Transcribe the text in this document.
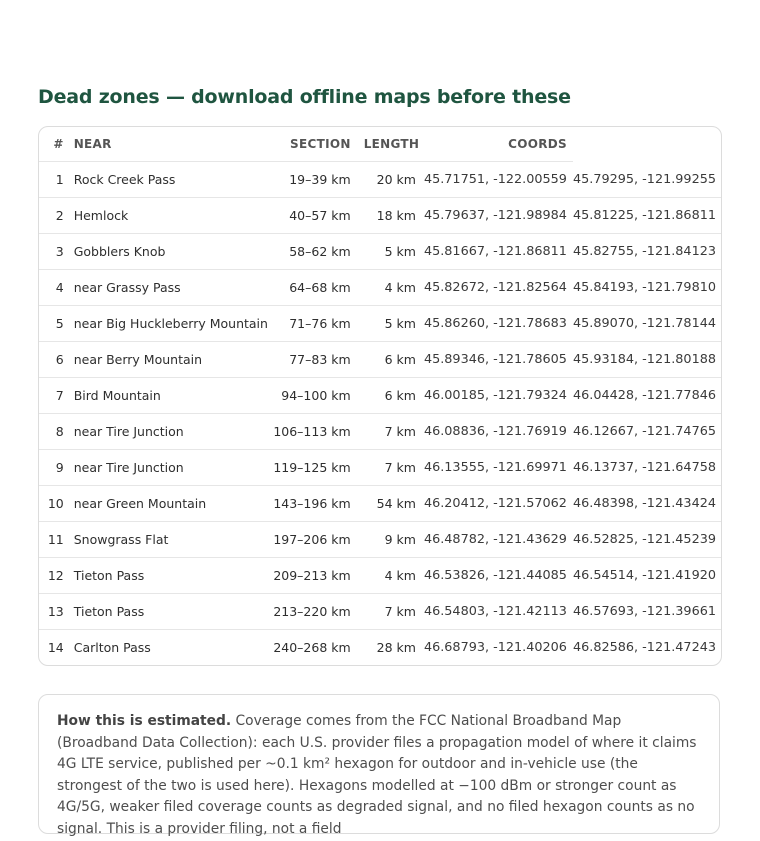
Dead zones — download offline maps before these
#	NEAR	SECTION	LENGTH	COORDS	
1	Rock Creek Pass	19–39 km	20 km	45.71751, -122.00559	45.79295, -121.99255
2	Hemlock	40–57 km	18 km	45.79637, -121.98984	45.81225, -121.86811
3	Gobblers Knob	58–62 km	5 km	45.81667, -121.86811	45.82755, -121.84123
4	near Grassy Pass	64–68 km	4 km	45.82672, -121.82564	45.84193, -121.79810
5	near Big Huckleberry Mountain	71–76 km	5 km	45.86260, -121.78683	45.89070, -121.78144
6	near Berry Mountain	77–83 km	6 km	45.89346, -121.78605	45.93184, -121.80188
7	Bird Mountain	94–100 km	6 km	46.00185, -121.79324	46.04428, -121.77846
8	near Tire Junction	106–113 km	7 km	46.08836, -121.76919	46.12667, -121.74765
9	near Tire Junction	119–125 km	7 km	46.13555, -121.69971	46.13737, -121.64758
10	near Green Mountain	143–196 km	54 km	46.20412, -121.57062	46.48398, -121.43424
11	Snowgrass Flat	197–206 km	9 km	46.48782, -121.43629	46.52825, -121.45239
12	Tieton Pass	209–213 km	4 km	46.53826, -121.44085	46.54514, -121.41920
13	Tieton Pass	213–220 km	7 km	46.54803, -121.42113	46.57693, -121.39661
14	Carlton Pass	240–268 km	28 km	46.68793, -121.40206	46.82586, -121.47243
How this is estimated. Coverage comes from the FCC National Broadband Map (Broadband Data Collection): each U.S. provider files a propagation model of where it claims 4G LTE service, published per ~0.1 km² hexagon for outdoor and in-vehicle use (the strongest of the two is used here). Hexagons modelled at −100 dBm or stronger count as 4G/5G, weaker filed coverage counts as degraded signal, and no filed hexagon counts as no signal. This is a provider filing, not a field
